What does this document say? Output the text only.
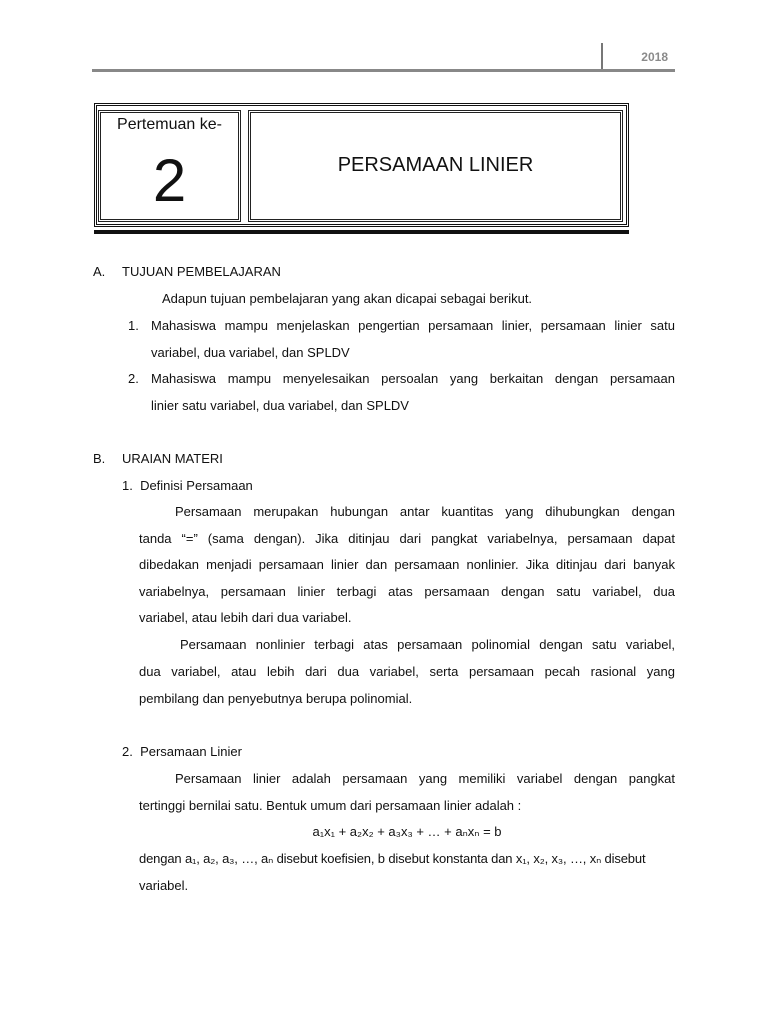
2018
Pertemuan ke-
2	PERSAMAAN LINIER
A. TUJUAN PEMBELAJARAN
Adapun tujuan pembelajaran yang akan dicapai sebagai berikut.
1. Mahasiswa mampu menjelaskan pengertian persamaan linier, persamaan linier satu
variabel, dua variabel, dan SPLDV
2. Mahasiswa mampu menyelesaikan persoalan yang berkaitan dengan persamaan
linier satu variabel, dua variabel, dan SPLDV
B. URAIAN MATERI
1.  Definisi Persamaan
Persamaan merupakan hubungan antar kuantitas yang dihubungkan dengan
tanda “=” (sama dengan). Jika ditinjau dari pangkat variabelnya, persamaan dapat
dibedakan menjadi persamaan linier dan persamaan nonlinier. Jika ditinjau dari banyak
variabelnya, persamaan linier terbagi atas persamaan dengan satu variabel, dua
variabel, atau lebih dari dua variabel.
Persamaan nonlinier terbagi atas persamaan polinomial dengan satu variabel,
dua variabel, atau lebih dari dua variabel, serta persamaan pecah rasional yang
pembilang dan penyebutnya berupa polinomial.
2.  Persamaan Linier
Persamaan linier adalah persamaan yang memiliki variabel dengan pangkat
tertinggi bernilai satu. Bentuk umum dari persamaan linier adalah :
a₁x₁ + a₂x₂ + a₃x₃ + … + aₙxₙ = b
dengan a₁, a₂, a₃, …, aₙ disebut koefisien, b disebut konstanta dan x₁, x₂, x₃, …, xₙ disebut
variabel.
